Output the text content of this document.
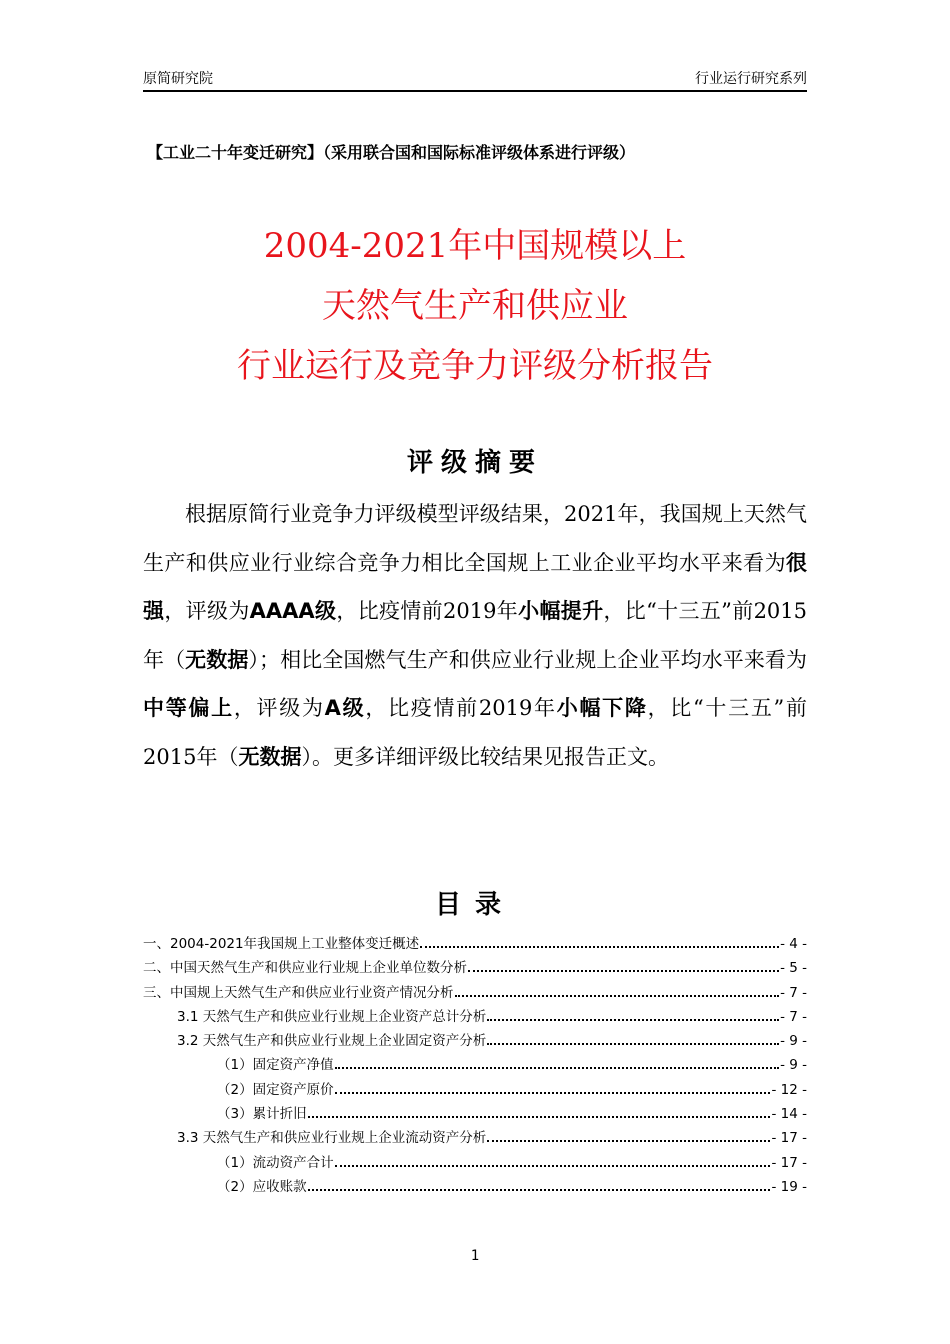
原简研究院	行业运行研究系列
【工业二十年变迁研究】（采用联合国和国际标准评级体系进行评级）
2004-2021年中国规模以上
天然气生产和供应业
行业运行及竞争力评级分析报告
评级摘要
根据原简行业竞争力评级模型评级结果，2021年，我国规上天然气生产和供应业行业综合竞争力相比全国规上工业企业平均水平来看为很强，评级为AAAA级，比疫情前2019年小幅提升，比“十三五”前2015年（无数据）；相比全国燃气生产和供应业行业规上企业平均水平来看为中等偏上，评级为A级，比疫情前2019年小幅下降，比“十三五”前2015年（无数据）。更多详细评级比较结果见报告正文。
目录
一、2004-2021年我国规上工业整体变迁概述	- 4 -
二、中国天然气生产和供应业行业规上企业单位数分析	- 5 -
三、中国规上天然气生产和供应业行业资产情况分析	- 7 -
3.1 天然气生产和供应业行业规上企业资产总计分析	- 7 -
3.2 天然气生产和供应业行业规上企业固定资产分析	- 9 -
（1）固定资产净值	- 9 -
（2）固定资产原价	- 12 -
（3）累计折旧	- 14 -
3.3 天然气生产和供应业行业规上企业流动资产分析	- 17 -
（1）流动资产合计	- 17 -
（2）应收账款	- 19 -
1
